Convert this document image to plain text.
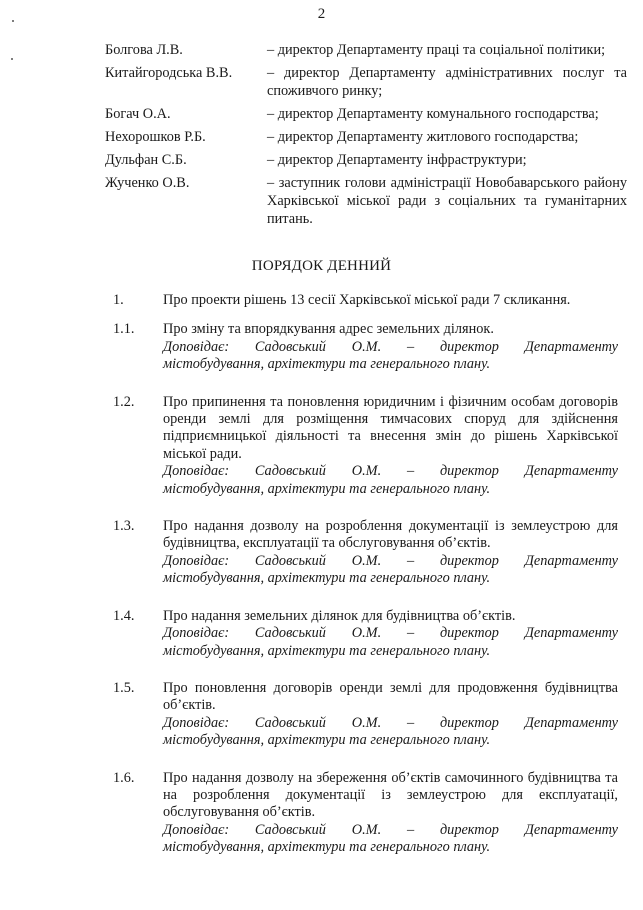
2
Болгова Л.В.	– директор Департаменту праці та соціальної політики;
Китайгородська В.В.	– директор Департаменту адміністративних послуг та споживчого ринку;
Богач О.А.	– директор Департаменту комунального господарства;
Нехорошков Р.Б.	– директор Департаменту житлового господарства;
Дульфан С.Б.	– директор Департаменту інфраструктури;
Жученко О.В.	– заступник голови адміністрації Новобаварського району Харківської міської ради з соціальних та гуманітарних питань.
ПОРЯДОК ДЕННИЙ
1.	Про проекти рішень 13 сесії Харківської міської ради 7 скликання.
1.1.	Про зміну та впорядкування адрес земельних ділянок.
Доповідає: Садовський О.М. – директор Департаменту
містобудування, архітектури та генерального плану.
1.2.	Про припинення та поновлення юридичним і фізичним особам договорів оренди землі для розміщення тимчасових споруд для здійснення підприємницької діяльності та внесення змін до рішень Харківської міської ради.
Доповідає: Садовський О.М. – директор Департаменту
містобудування, архітектури та генерального плану.
1.3.	Про надання дозволу на розроблення документації із землеустрою для будівництва, експлуатації та обслуговування об’єктів.
Доповідає: Садовський О.М. – директор Департаменту
містобудування, архітектури та генерального плану.
1.4.	Про надання земельних ділянок для будівництва об’єктів.
Доповідає: Садовський О.М. – директор Департаменту
містобудування, архітектури та генерального плану.
1.5.	Про поновлення договорів оренди землі для продовження будівництва об’єктів.
Доповідає: Садовський О.М. – директор Департаменту
містобудування, архітектури та генерального плану.
1.6.	Про надання дозволу на збереження об’єктів самочинного будівництва та на розроблення документації із землеустрою для експлуатації, обслуговування об’єктів.
Доповідає: Садовський О.М. – директор Департаменту
містобудування, архітектури та генерального плану.
